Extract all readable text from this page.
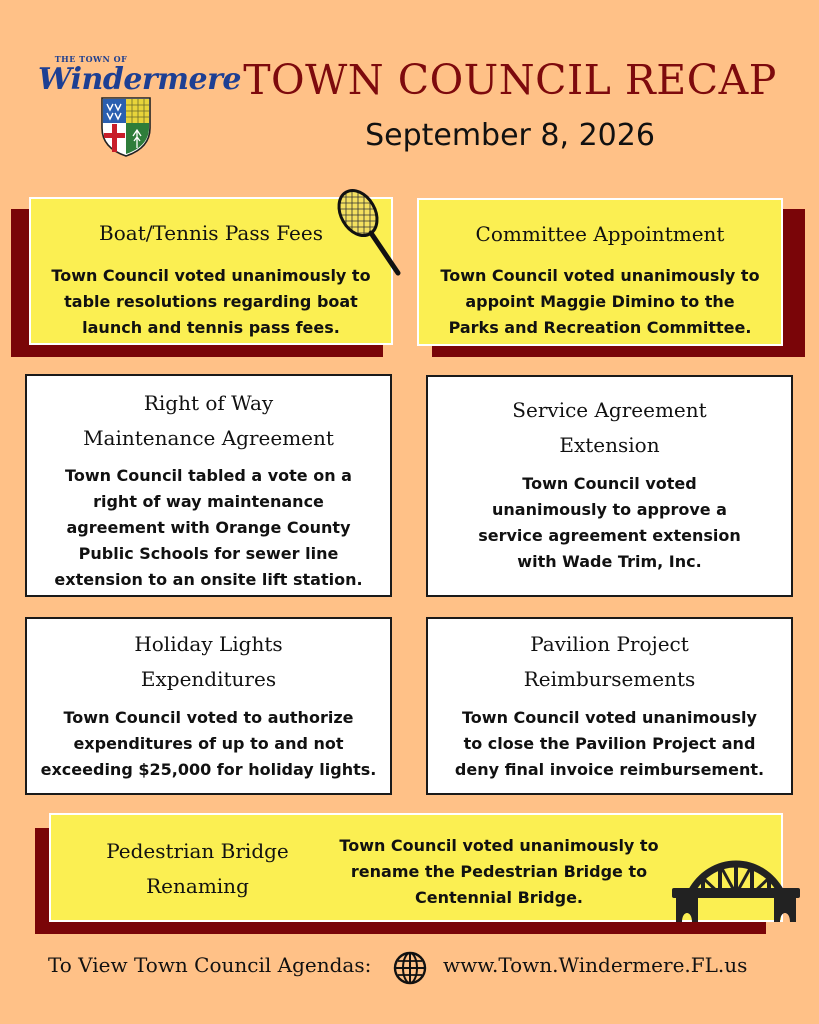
THE TOWN OF
Windermere TOWN COUNCIL RECAP
September 8, 2026
Boat/Tennis Pass Fees
Town Council voted unanimously to
table resolutions regarding boat
launch and tennis pass fees.
Committee Appointment
Town Council voted unanimously to
appoint Maggie Dimino to the
Parks and Recreation Committee.
Right of Way
Maintenance Agreement
Town Council tabled a vote on a
right of way maintenance
agreement with Orange County
Public Schools for sewer line
extension to an onsite lift station.
Service Agreement
Extension
Town Council voted
unanimously to approve a
service agreement extension
with Wade Trim, Inc.
Holiday Lights
Expenditures
Town Council voted to authorize
expenditures of up to and not
exceeding $25,000 for holiday lights.
Pavilion Project
Reimbursements
Town Council voted unanimously
to close the Pavilion Project and
deny final invoice reimbursement.
Pedestrian Bridge
Renaming
Town Council voted unanimously to
rename the Pedestrian Bridge to
Centennial Bridge.
To View Town Council Agendas:	www.Town.Windermere.FL.us
